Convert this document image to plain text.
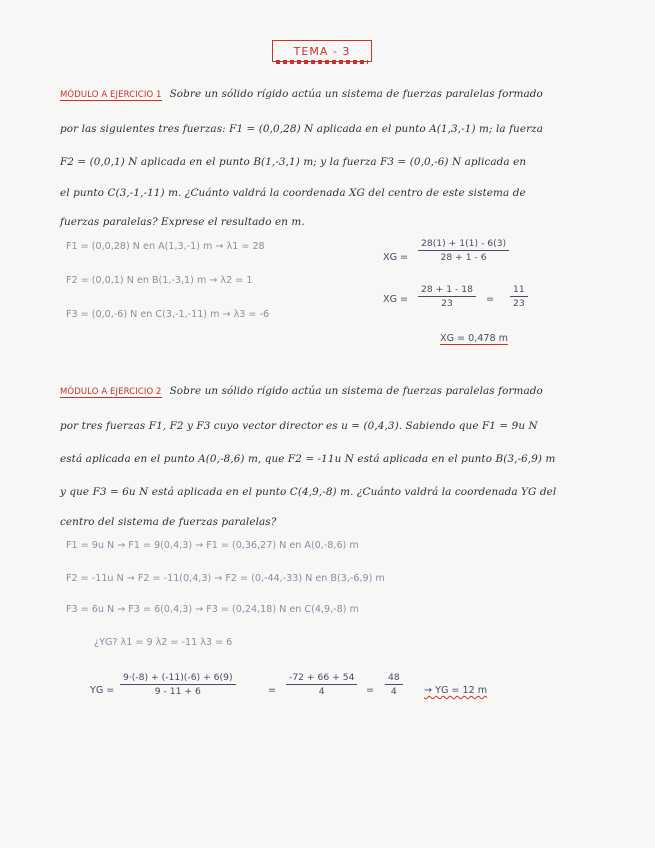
TEMA - 3
MÓDULO A EJERCICIO 1 Sobre un sólido rígido actúa un sistema de fuerzas paralelas formado
por las siguientes tres fuerzas: F1 = (0,0,28) N aplicada en el punto A(1,3,-1) m; la fuerza
F2 = (0,0,1) N aplicada en el punto B(1,-3,1) m; y la fuerza F3 = (0,0,-6) N aplicada en
el punto C(3,-1,-11) m. ¿Cuánto valdrá la coordenada XG del centro de este sistema de
fuerzas paralelas? Exprese el resultado en m.
F1 = (0,0,28) N en A(1,3,-1) m → λ1 = 28
F2 = (0,0,1) N en B(1,-3,1) m → λ2 = 1
F3 = (0,0,-6) N en C(3,-1,-11) m → λ3 = -6
XG = $\frac{28(1) + 1(1) - 6(3)}{28 + 1 - 6}$
XG = $\frac{28 + 1 - 18}{23} = \frac{11}{23}$
XG = 0,478 m
MÓDULO A EJERCICIO 2 Sobre un sólido rígido actúa un sistema de fuerzas paralelas formado
por tres fuerzas F1, F2 y F3 cuyo vector director es u = (0,4,3). Sabiendo que F1 = 9u N
está aplicada en el punto A(0,-8,6) m, que F2 = -11u N está aplicada en el punto B(3,-6,9) m
y que F3 = 6u N está aplicada en el punto C(4,9,-8) m. ¿Cuánto valdrá la coordenada YG del
centro del sistema de fuerzas paralelas?
F1 = 9u N → F1 = 9(0,4,3) → F1 = (0,36,27) N en A(0,-8,6) m
F2 = -11u N → F2 = -11(0,4,3) → F2 = (0,-44,-33) N en B(3,-6,9) m
F3 = 6u N → F3 = 6(0,4,3) → F3 = (0,24,18) N en C(4,9,-8) m
¿YG? λ1 = 9 λ2 = -11 λ3 = 6
YG = $\frac{9\cdot(-8) + (-11)(-6) + 6(9)}{9 - 11 + 6}$	= $\frac{-72 + 66 + 54}{4} = \frac{48}{4}$ → YG = 12 m
